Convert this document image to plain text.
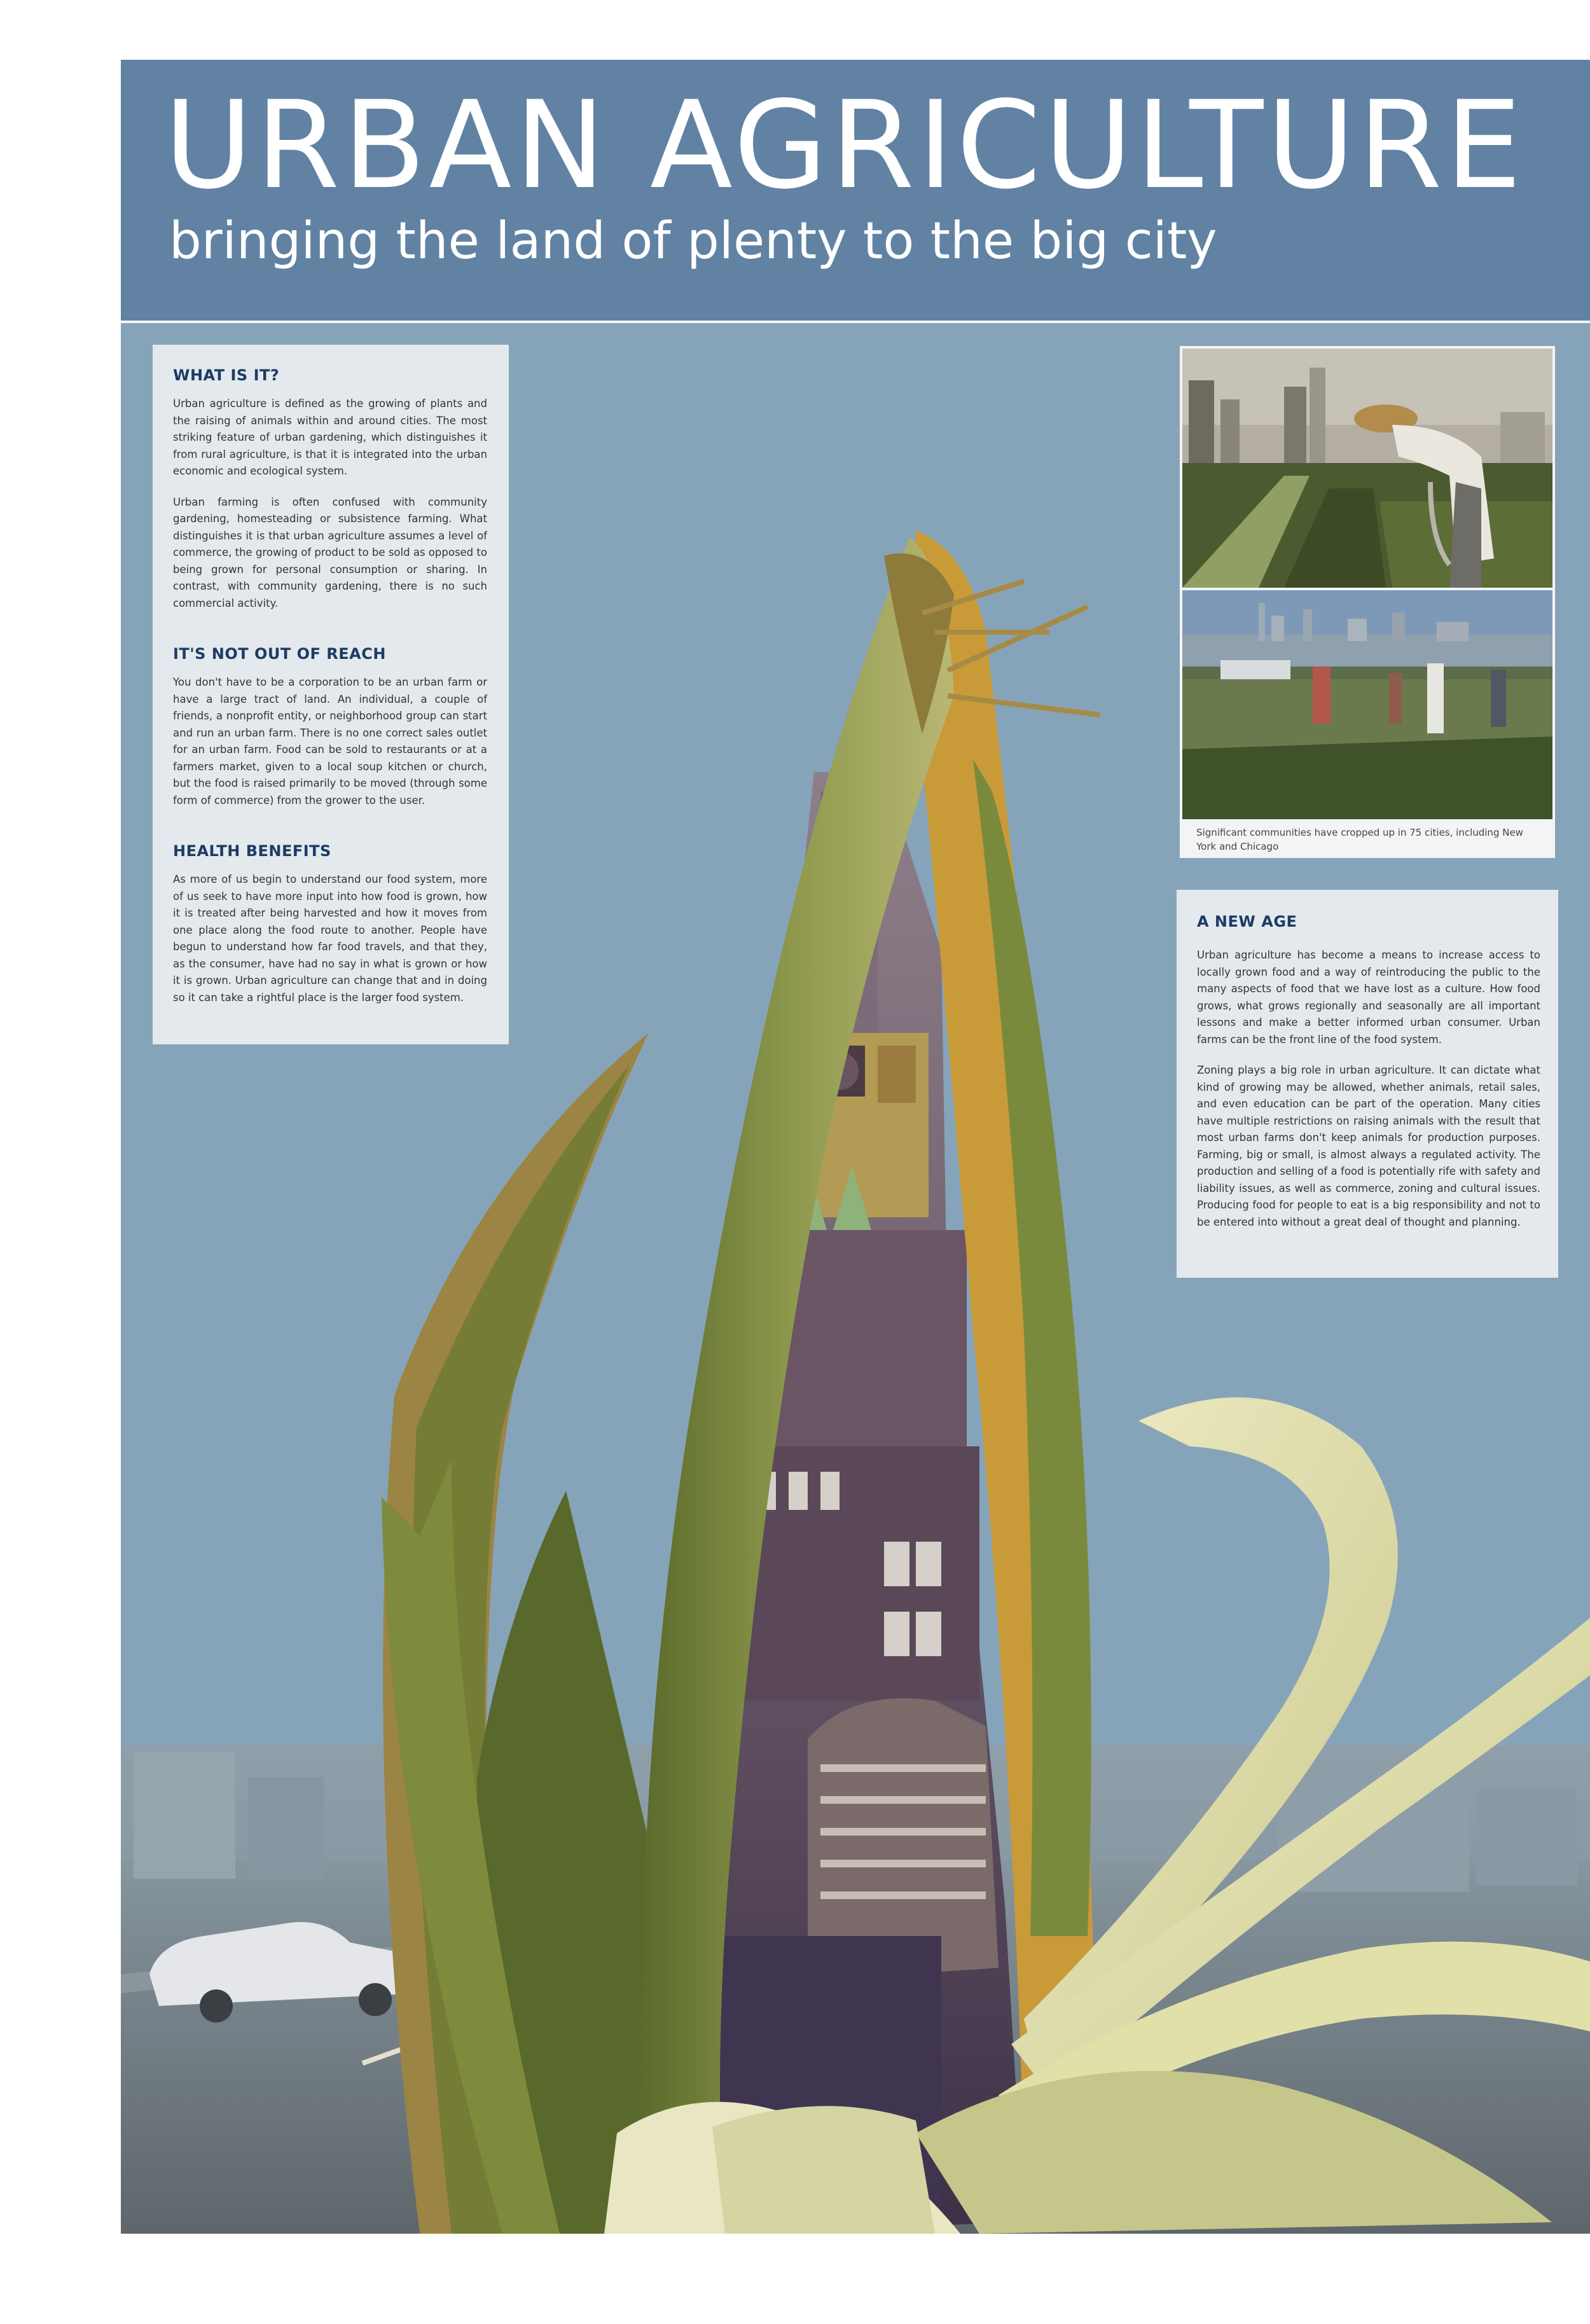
URBAN AGRICULTURE
bringing the land of plenty to the big city
WHAT IS IT?

Urban agriculture is defined as the growing of plants and the raising of animals within and around cities. The most striking feature of urban gardening, which distinguishes it from rural agriculture, is that it is integrated into the urban economic and ecological system.

Urban farming is often confused with community gardening, homesteading or subsistence farming. What distinguishes it is that urban agriculture assumes a level of commerce, the growing of product to be sold as opposed to being grown for personal consumption or sharing. In contrast, with community gardening, there is no such commercial activity.

IT'S NOT OUT OF REACH

You don't have to be a corporation to be an urban farm or have a large tract of land. An individual, a couple of friends, a nonprofit entity, or neighborhood group can start and run an urban farm. There is no one correct sales outlet for an urban farm. Food can be sold to restaurants or at a farmers market, given to a local soup kitchen or church, but the food is raised primarily to be moved (through some form of commerce) from the grower to the user.

HEALTH BENEFITS

As more of us begin to understand our food system, more of us seek to have more input into how food is grown, how it is treated after being harvested and how it moves from one place along the food route to another. People have begun to understand how far food travels, and that they, as the consumer, have had no say in what is grown or how it is grown. Urban agriculture can change that and in doing so it can take a rightful place is the larger food system.

Significant communities have cropped up in 75 cities, including New York and Chicago
A NEW AGE

Urban agriculture has become a means to increase access to locally grown food and a way of reintroducing the public to the many aspects of food that we have lost as a culture. How food grows, what grows regionally and seasonally are all important lessons and make a better informed urban consumer. Urban farms can be the front line of the food system.

Zoning plays a big role in urban agriculture. It can dictate what kind of growing may be allowed, whether animals, retail sales, and even education can be part of the operation. Many cities have multiple restrictions on raising animals with the result that most urban farms don't keep animals for production purposes. Farming, big or small, is almost always a regulated activity. The production and selling of a food is potentially rife with safety and liability issues, as well as commerce, zoning and cultural issues. Producing food for people to eat is a big responsibility and not to be entered into without a great deal of thought and planning.
